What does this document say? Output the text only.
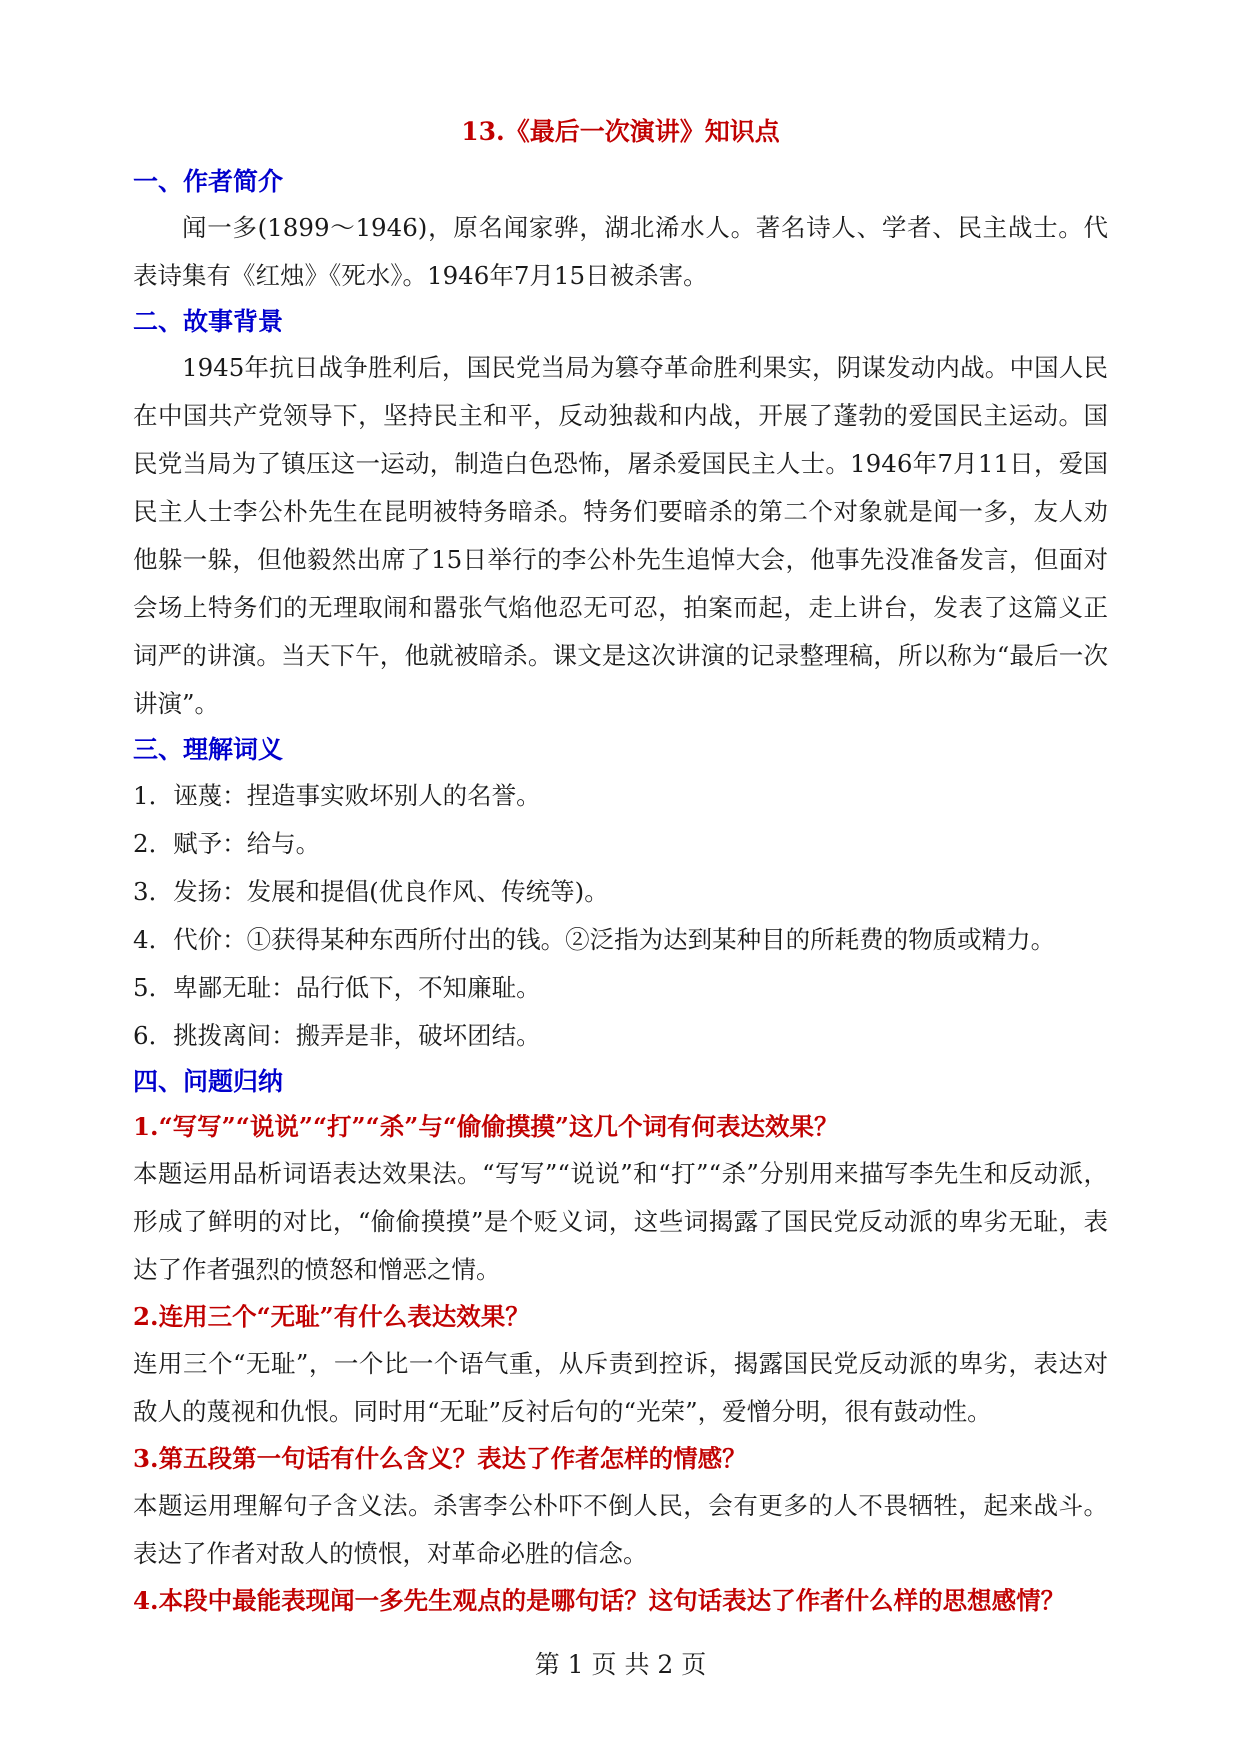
13.《最后一次演讲》知识点
一、作者简介

闻一多(1899～1946)，原名闻家骅，湖北浠水人。著名诗人、学者、民主战士。代表诗集有《红烛》《死水》。1946年7月15日被杀害。

二、故事背景

1945年抗日战争胜利后，国民党当局为篡夺革命胜利果实，阴谋发动内战。中国人民在中国共产党领导下，坚持民主和平，反动独裁和内战，开展了蓬勃的爱国民主运动。国民党当局为了镇压这一运动，制造白色恐怖，屠杀爱国民主人士。1946年7月11日，爱国民主人士李公朴先生在昆明被特务暗杀。特务们要暗杀的第二个对象就是闻一多，友人劝他躲一躲，但他毅然出席了15日举行的李公朴先生追悼大会，他事先没准备发言，但面对会场上特务们的无理取闹和嚣张气焰他忍无可忍，拍案而起，走上讲台，发表了这篇义正词严的讲演。当天下午，他就被暗杀。课文是这次讲演的记录整理稿，所以称为“最后一次讲演”。

三、理解词义

1．诬蔑：捏造事实败坏别人的名誉。

2．赋予：给与。

3．发扬：发展和提倡(优良作风、传统等)。

4．代价：①获得某种东西所付出的钱。②泛指为达到某种目的所耗费的物质或精力。

5．卑鄙无耻：品行低下，不知廉耻。

6．挑拨离间：搬弄是非，破坏团结。

四、问题归纳

1.“写写”“说说”“打”“杀”与“偷偷摸摸”这几个词有何表达效果？

本题运用品析词语表达效果法。“写写”“说说”和“打”“杀”分别用来描写李先生和反动派，形成了鲜明的对比，“偷偷摸摸”是个贬义词，这些词揭露了国民党反动派的卑劣无耻，表达了作者强烈的愤怒和憎恶之情。

2.连用三个“无耻”有什么表达效果？

连用三个“无耻”，一个比一个语气重，从斥责到控诉，揭露国民党反动派的卑劣，表达对敌人的蔑视和仇恨。同时用“无耻”反衬后句的“光荣”，爱憎分明，很有鼓动性。

3.第五段第一句话有什么含义？表达了作者怎样的情感？

本题运用理解句子含义法。杀害李公朴吓不倒人民，会有更多的人不畏牺牲，起来战斗。表达了作者对敌人的愤恨，对革命必胜的信念。

4.本段中最能表现闻一多先生观点的是哪句话？这句话表达了作者什么样的思想感情？

第 1 页 共 2 页
